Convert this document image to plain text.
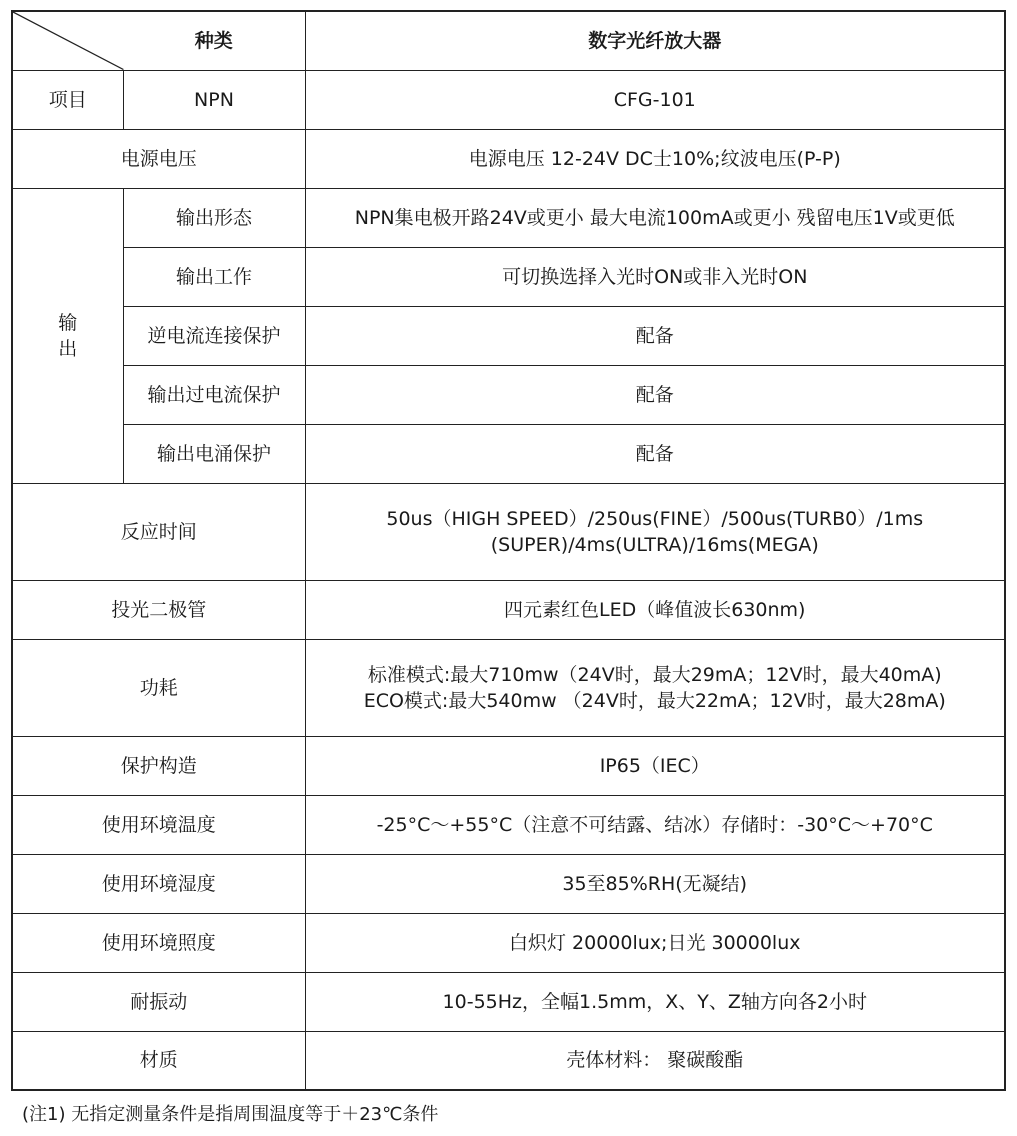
种类		数字光纤放大器
项目	NPN	CFG-101
电源电压		电源电压 12-24V DC士10%;纹波电压(P-P)

输
出	输出形态	NPN集电极开路24V或更小 最大电流100mA或更小 残留电压1V或更低
	输出工作	可切换选择入光时ON或非入光时ON
	逆电流连接保护	配备
	输出过电流保护	配备
	输出电涌保护	配备
反应时间		50us（HIGH SPEED）/250us(FINE）/500us(TURB0）/1ms
(SUPER)/4ms(ULTRA)/16ms(MEGA)

投光二极管		四元素红色LED（峰值波长630nm)
功耗		标准模式:最大710mw（24V时，最大29mA；12V时，最大40mA)
ECO模式:最大540mw （24V时，最大22mA；12V时，最大28mA)

保护构造		IP65（IEC）
使用环境温度		-25°C～+55°C（注意不可结露、结冰）存储时：-30°C～+70°C
使用环境湿度		35至85%RH(无凝结)
使用环境照度		白炽灯 20000lux;日光 30000lux
耐振动		10-55Hz，全幅1.5mm，X、Y、Z轴方向各2小时
材质		壳体材料： 聚碳酸酯
(注1) 无指定测量条件是指周围温度等于＋23℃条件
